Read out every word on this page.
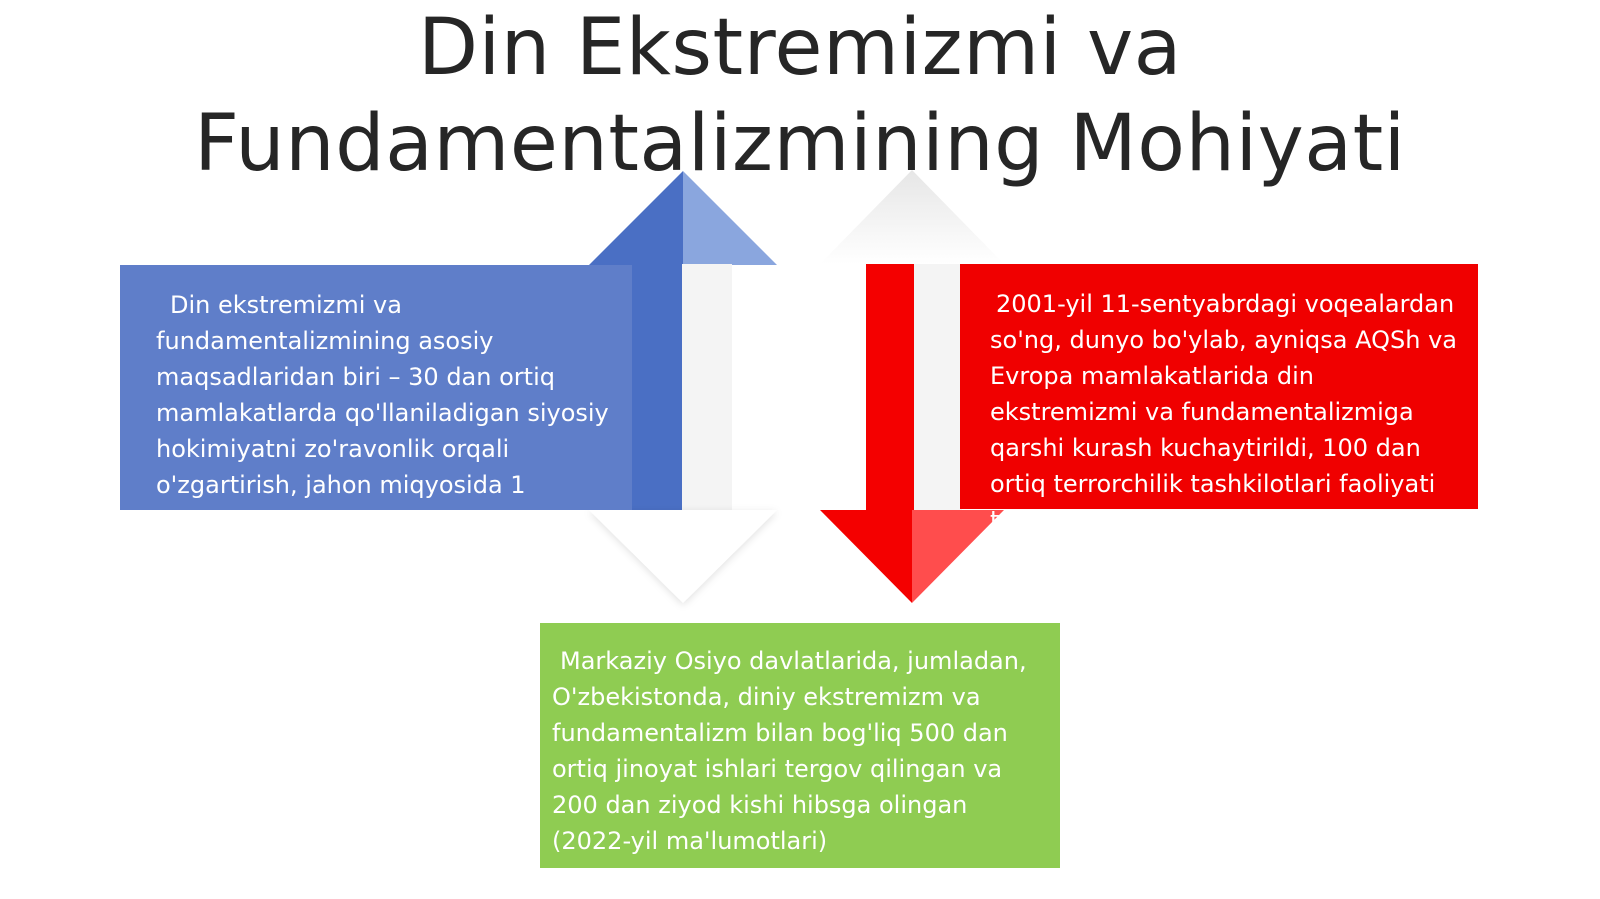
Din Ekstremizmi va
Fundamentalizmining Mohiyati
Din ekstremizmi va fundamentalizmining asosiy maqsadlaridan biri – 30 dan ortiq mamlakatlarda qo'llaniladigan siyosiy hokimiyatni zo'ravonlik orqali o'zgartirish, jahon miqyosida 1 milliondan ortiq kishi
2001-yil 11-sentyabrdagi voqealardan so'ng, dunyo bo'ylab, ayniqsa AQSh va Evropa mamlakatlarida din ekstremizmi va fundamentalizmiga qarshi kurash kuchaytirildi, 100 dan ortiq terrorchilik tashkilotlari faoliyati taqiqlandi
Markaziy Osiyo davlatlarida, jumladan, O'zbekistonda, diniy ekstremizm va fundamentalizm bilan bog'liq 500 dan ortiq jinoyat ishlari tergov qilingan va 200 dan ziyod kishi hibsga olingan (2022-yil ma'lumotlari)
